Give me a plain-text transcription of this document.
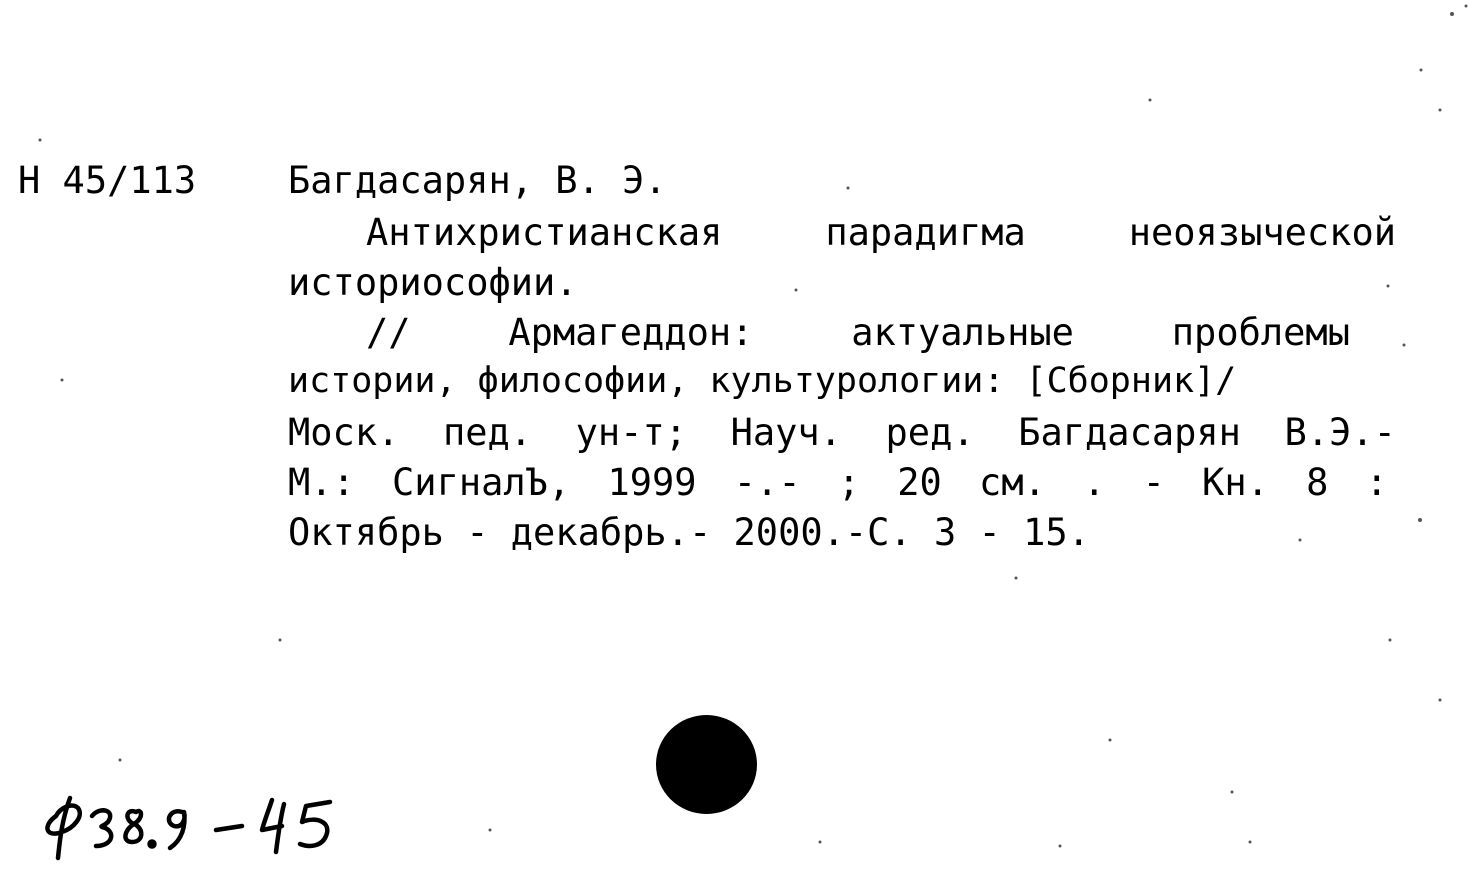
Н 45/113 Багдасарян, В. Э.
Антихристианская	парадигма	неоязыческой
историософии.
//	Армагеддон:	актуальные	проблемы
истории, философии, культурологии: [Сборник]/
Моск. пед. ун-т; Науч. ред. Багдасарян В.Э.-
М.: СигналЪ, 1999 -.- ; 20 см. . - Кн. 8 :
Октябрь - декабрь.- 2000.-С. 3 - 15.
